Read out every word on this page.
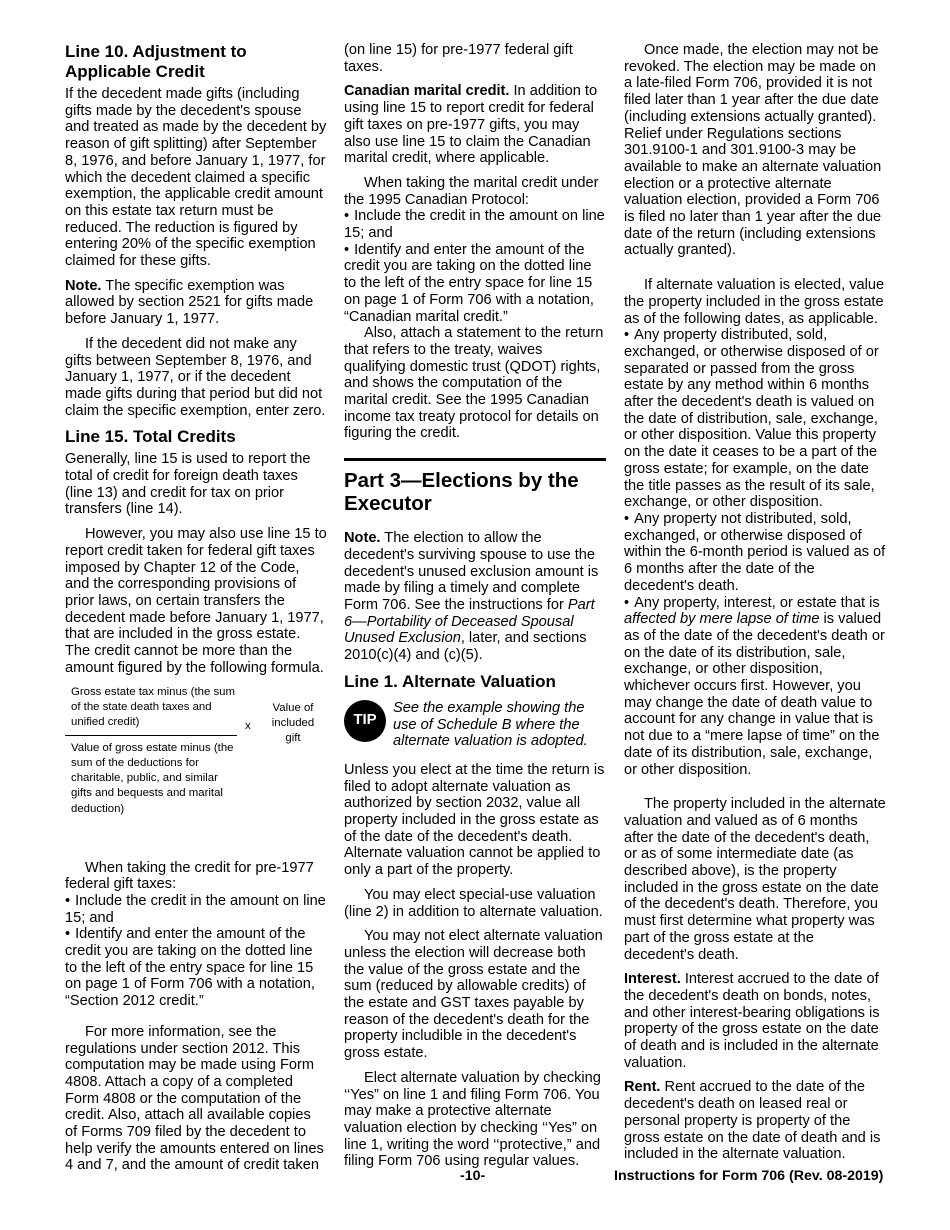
Line 10. Adjustment to Applicable Credit

If the decedent made gifts (including gifts made by the decedent's spouse and treated as made by the decedent by reason of gift splitting) after September 8, 1976, and before January 1, 1977, for which the decedent claimed a specific exemption, the applicable credit amount on this estate tax return must be reduced. The reduction is figured by entering 20% of the specific exemption claimed for these gifts.

Note. The specific exemption was allowed by section 2521 for gifts made before January 1, 1977.

If the decedent did not make any gifts between September 8, 1976, and January 1, 1977, or if the decedent made gifts during that period but did not claim the specific exemption, enter zero.

Line 15. Total Credits

Generally, line 15 is used to report the total of credit for foreign death taxes (line 13) and credit for tax on prior transfers (line 14).

However, you may also use line 15 to report credit taken for federal gift taxes imposed by Chapter 12 of the Code, and the corresponding provisions of prior laws, on certain transfers the decedent made before January 1, 1977, that are included in the gross estate. The credit cannot be more than the amount figured by the following formula.

Gross estate tax minus (the sum of the state death taxes and unified credit)
Value of gross estate minus (the sum of the deductions for charitable, public, and similar gifts and bequests and marital deduction)
x
Value of included gift

When taking the credit for pre-1977 federal gift taxes:

• Include the credit in the amount on line 15; and

• Identify and enter the amount of the credit you are taking on the dotted line to the left of the entry space for line 15 on page 1 of Form 706 with a notation, “Section 2012 credit.”

For more information, see the regulations under section 2012. This computation may be made using Form 4808. Attach a copy of a completed Form 4808 or the computation of the credit. Also, attach all available copies of Forms 709 filed by the decedent to help verify the amounts entered on lines 4 and 7, and the amount of credit taken

(on line 15) for pre-1977 federal gift taxes.

Canadian marital credit. In addition to using line 15 to report credit for federal gift taxes on pre-1977 gifts, you may also use line 15 to claim the Canadian marital credit, where applicable.

When taking the marital credit under the 1995 Canadian Protocol:

• Include the credit in the amount on line 15; and

• Identify and enter the amount of the credit you are taking on the dotted line to the left of the entry space for line 15 on page 1 of Form 706 with a notation, “Canadian marital credit.”

Also, attach a statement to the return that refers to the treaty, waives qualifying domestic trust (QDOT) rights, and shows the computation of the marital credit. See the 1995 Canadian income tax treaty protocol for details on figuring the credit.

Part 3—Elections by the Executor

Note. The election to allow the decedent's surviving spouse to use the decedent's unused exclusion amount is made by filing a timely and complete Form 706. See the instructions for Part 6—Portability of Deceased Spousal Unused Exclusion, later, and sections 2010(c)(4) and (c)(5).

Line 1. Alternate Valuation
TIP
See the example showing the use of Schedule B where the alternate valuation is adopted.

Unless you elect at the time the return is filed to adopt alternate valuation as authorized by section 2032, value all property included in the gross estate as of the date of the decedent's death. Alternate valuation cannot be applied to only a part of the property.

You may elect special-use valuation (line 2) in addition to alternate valuation.

You may not elect alternate valuation unless the election will decrease both the value of the gross estate and the sum (reduced by allowable credits) of the estate and GST taxes payable by reason of the decedent's death for the property includible in the decedent's gross estate.

Elect alternate valuation by checking ‘‘Yes” on line 1 and filing Form 706. You may make a protective alternate valuation election by checking ‘‘Yes” on line 1, writing the word ‘‘protective,” and filing Form 706 using regular values.

Once made, the election may not be revoked. The election may be made on a late-filed Form 706, provided it is not filed later than 1 year after the due date (including extensions actually granted). Relief under Regulations sections 301.9100-1 and 301.9100-3 may be available to make an alternate valuation election or a protective alternate valuation election, provided a Form 706 is filed no later than 1 year after the due date of the return (including extensions actually granted).

If alternate valuation is elected, value the property included in the gross estate as of the following dates, as applicable.

• Any property distributed, sold, exchanged, or otherwise disposed of or separated or passed from the gross estate by any method within 6 months after the decedent's death is valued on the date of distribution, sale, exchange, or other disposition. Value this property on the date it ceases to be a part of the gross estate; for example, on the date the title passes as the result of its sale, exchange, or other disposition.

• Any property not distributed, sold, exchanged, or otherwise disposed of within the 6-month period is valued as of 6 months after the date of the decedent's death.

• Any property, interest, or estate that is affected by mere lapse of time is valued as of the date of the decedent's death or on the date of its distribution, sale, exchange, or other disposition, whichever occurs first. However, you may change the date of death value to account for any change in value that is not due to a “mere lapse of time” on the date of its distribution, sale, exchange, or other disposition.

The property included in the alternate valuation and valued as of 6 months after the date of the decedent's death, or as of some intermediate date (as described above), is the property included in the gross estate on the date of the decedent's death. Therefore, you must first determine what property was part of the gross estate at the decedent's death.

Interest. Interest accrued to the date of the decedent's death on bonds, notes, and other interest-bearing obligations is property of the gross estate on the date of death and is included in the alternate valuation.

Rent. Rent accrued to the date of the decedent's death on leased real or personal property is property of the gross estate on the date of death and is included in the alternate valuation.

-10-	Instructions for Form 706 (Rev. 08-2019)
